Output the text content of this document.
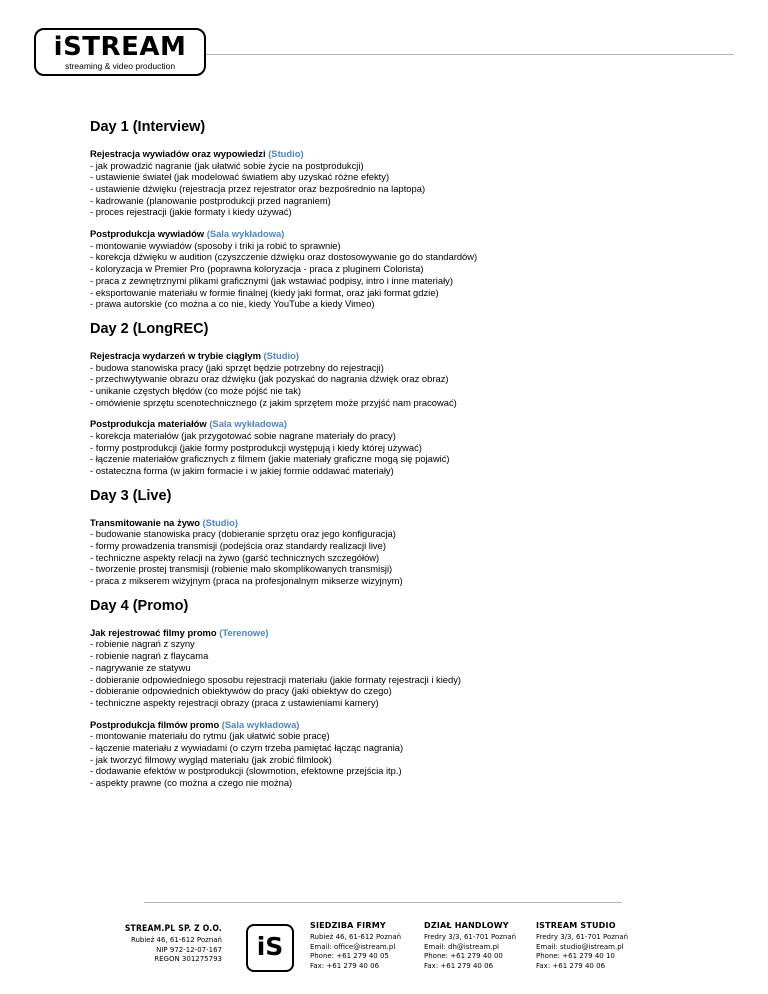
iSTREAM
streaming & video production
Day 1 (Interview)
Rejestracja wywiadów oraz wypowiedzi (Studio)
- jak prowadzić nagranie (jak ułatwić sobie życie na postprodukcji)
- ustawienie świateł (jak modelować światłem aby uzyskać różne efekty)
- ustawienie dźwięku (rejestracja przez rejestrator oraz bezpośrednio na laptopa)
- kadrowanie (planowanie postprodukcji przed nagraniem)
- proces rejestracji (jakie formaty i kiedy używać)
Postprodukcja wywiadów (Sala wykładowa)
- montowanie wywiadów (sposoby i triki ja robić to sprawnie)
- korekcja dźwięku w audition (czyszczenie dźwięku oraz dostosowywanie go do standardów)
- koloryzacja w Premier Pro (poprawna koloryzacja - praca z pluginem Colorista)
- praca z zewnętrznymi plikami graficznymi (jak wstawiać podpisy, intro i inne materiały)
- eksportowanie materiału w formie finalnej (kiedy jaki format, oraz jaki format gdzie)
- prawa autorskie (co można a co nie, kiedy YouTube a kiedy Vimeo)
Day 2 (LongREC)
Rejestracja wydarzeń w trybie ciągłym (Studio)
- budowa stanowiska pracy (jaki sprzęt będzie potrzebny do rejestracji)
- przechwytywanie obrazu oraz dźwięku (jak pozyskać do nagrania dźwięk oraz obraz)
- unikanie częstych błędów (co może pójść nie tak)
- omówienie sprzętu scenotechnicznego (z jakim sprzętem może przyjść nam pracować)
Postprodukcja materiałów (Sala wykładowa)
- korekcja materiałów (jak przygotować sobie nagrane materiały do pracy)
- formy postprodukcji (jakie formy postprodukcji występują i kiedy której używać)
- łączenie materiałów graficznych z filmem (jakie materiały graficzne mogą się pojawić)
- ostateczna forma (w jakim formacie i w jakiej formie oddawać materiały)
Day 3 (Live)
Transmitowanie na żywo (Studio)
- budowanie stanowiska pracy (dobieranie sprzętu oraz jego konfiguracja)
- formy prowadzenia transmisji (podejścia oraz standardy realizacji live)
- techniczne aspekty relacji na żywo (garść technicznych szczegółów)
- tworzenie prostej transmisji (robienie mało skomplikowanych transmisji)
- praca z mikserem wizyjnym (praca na profesjonalnym mikserze wizyjnym)
Day 4 (Promo)
Jak rejestrować filmy promo (Terenowe)
- robienie nagrań z szyny
- robienie nagrań z flaycama
- nagrywanie ze statywu
- dobieranie odpowiedniego sposobu rejestracji materiału (jakie formaty rejestracji i kiedy)
- dobieranie odpowiednich obiektywów do pracy (jaki obiektyw do czego)
- techniczne aspekty rejestracji obrazy (praca z ustawieniami kamery)
Postprodukcja filmów promo (Sala wykładowa)
- montowanie materiału do rytmu (jak ułatwić sobie pracę)
- łączenie materiału z wywiadami (o czym trzeba pamiętać łącząc nagrania)
- jak tworzyć filmowy wygląd materiału (jak zrobić filmlook)
- dodawanie efektów w postprodukcji (slowmotion, efektowne przejścia itp.)
- aspekty prawne (co można a czego nie można)
STREAM.PL SP. Z O.O.
Rubież 46, 61-612 Poznań
NIP 972-12-07-167
REGON 301275793	iS
SIEDZIBA FIRMY
Rubież 46, 61-612 Poznań
Email: office@istream.pl
Phone: +61 279 40 05
Fax: +61 279 40 06
DZIAŁ HANDLOWY
Fredry 3/3, 61-701 Poznań
Email: dh@istream.pl
Phone: +61 279 40 00
Fax: +61 279 40 06
ISTREAM STUDIO
Fredry 3/3, 61-701 Poznań
Email: studio@istream.pl
Phone: +61 279 40 10
Fax: +61 279 40 06
